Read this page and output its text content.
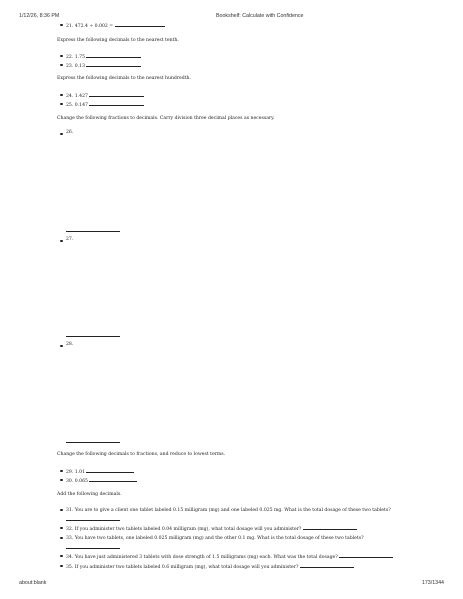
1/12/26, 8:36 PM	Bookshelf: Calculate with Confidence
21. 472.4 ÷ 0.002 =
Express the following decimals to the nearest tenth.
22. 1.75
23. 0.13
Express the following decimals to the nearest hundredth.
24. 1.427
25. 0.147
Change the following fractions to decimals. Carry division three decimal places as necessary.
26.
27.
28.
Change the following decimals to fractions, and reduce to lowest terms.
29. 1.01
30. 0.065
Add the following decimals.
31. You are to give a client one tablet labeled 0.15 milligram (mg) and one labeled 0.025 mg. What is the total dosage of these two tablets?
32. If you administer two tablets labeled 0.04 milligram (mg), what total dosage will you administer?
33. You have two tablets, one labeled 0.025 milligram (mg) and the other 0.1 mg. What is the total dosage of these two tablets?
34. You have just administered 3 tablets with dose strength of 1.5 milligrams (mg) each. What was the total dosage?
35. If you administer two tablets labeled 0.6 milligram (mg), what total dosage will you administer?
about:blank	173/1344
